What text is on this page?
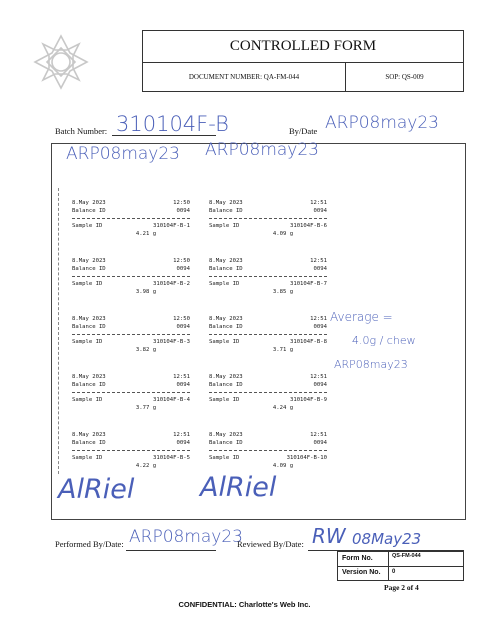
CONTROLLED FORM
DOCUMENT NUMBER: QA-FM-044	SOP: QS-009
Batch Number: 310104F-B	By/Date ARP08may23
ARP08may23 ARP08may23
8.May 2023	12:50
Balance ID	0094
Sample ID	310104F-B-1
4.21 g
8.May 2023	12:50
Balance ID	0094
Sample ID	310104F-B-2
3.98 g
8.May 2023	12:50
Balance ID	0094
Sample ID	310104F-B-3
3.82 g
8.May 2023	12:51
Balance ID	0094
Sample ID	310104F-B-4
3.77 g
8.May 2023	12:51
Balance ID	0094
Sample ID	310104F-B-5
4.22 g
8.May 2023	12:51
Balance ID	0094
Sample ID	310104F-B-6
4.09 g
8.May 2023	12:51
Balance ID	0094
Sample ID	310104F-B-7
3.85 g
8.May 2023	12:51
Balance ID	0094
Sample ID	310104F-B-8
3.71 g
8.May 2023	12:51
Balance ID	0094
Sample ID	310104F-B-9
4.24 g
8.May 2023	12:51
Balance ID	0094
Sample ID	310104F-B-10
4.09 g
Average =
4.0g / chew
ARP08may23
AlRiel AlRiel
Performed By/Date: ARP08may23
Reviewed By/Date: RW 08May23
Form No.	QS-FM-044
Version No. 0
Page 2 of 4
CONFIDENTIAL: Charlotte's Web Inc.
